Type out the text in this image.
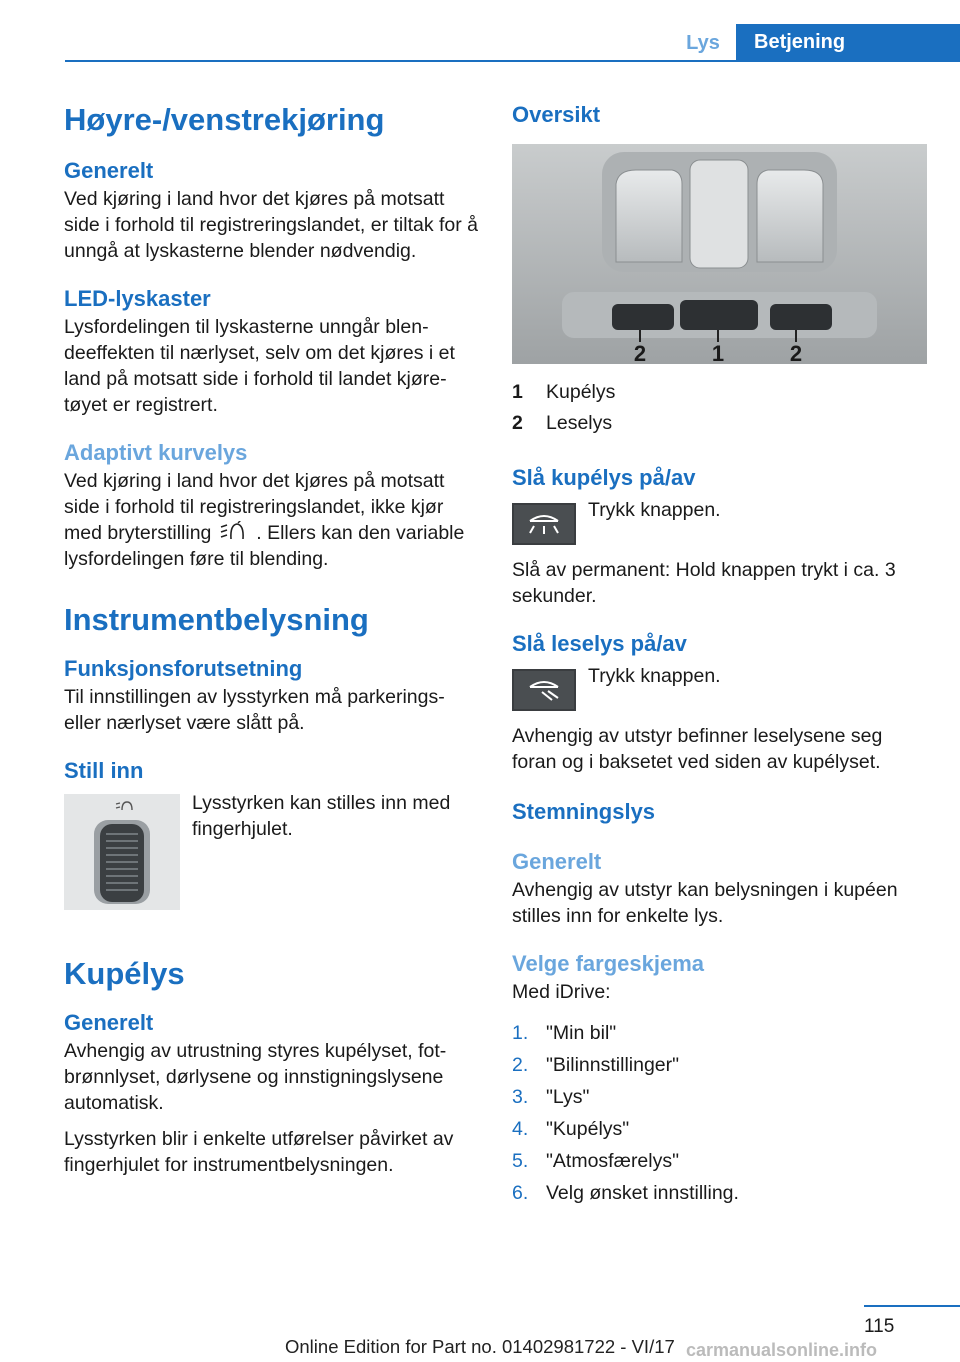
Lys	Betjening
Høyre-/venstrekjøring
Generelt

Ved kjøring i land hvor det kjøres på motsatt side i forhold til registreringslandet, er tiltak for å unngå at lyskasterne blender nødvendig.

LED-lyskaster

Lysfordelingen til lyskasterne unngår blen-deeffekten til nærlyset, selv om det kjøres i et land på motsatt side i forhold til landet kjøre-tøyet er registrert.

Adaptivt kurvelys

Ved kjøring i land hvor det kjøres på motsatt side i forhold til registreringslandet, ikke kjør med bryterstilling . Ellers kan den variable lysfordelingen føre til blending.

Instrumentbelysning
Funksjonsforutsetning

Til innstillingen av lysstyrken må parkerings-eller nærlyset være slått på.

Still inn

Lysstyrken kan stilles inn med fingerhjulet.

Kupélys
Generelt

Avhengig av utrustning styres kupélyset, fot-brønnlyset, dørlysene og innstigningslysene automatisk.

Lysstyrken blir i enkelte utførelser påvirket av fingerhjulet for instrumentbelysningen.

Oversikt
2	1	2
1	Kupélys
2	Leselys
Slå kupélys på/av

Trykk knappen.

Slå av permanent: Hold knappen trykt i ca. 3 sekunder.

Slå leselys på/av

Trykk knappen.

Avhengig av utstyr befinner leselysene seg foran og i baksetet ved siden av kupélyset.

Stemningslys
Generelt

Avhengig av utstyr kan belysningen i kupéen stilles inn for enkelte lys.

Velge fargeskjema

Med iDrive:

1. "Min bil"
2. "Bilinnstillinger"
3. "Lys"
4. "Kupélys"
5. "Atmosfærelys"
6. Velg ønsket innstilling.
115
Online Edition for Part no. 01402981722 - VI/17 carmanualsonline.info
